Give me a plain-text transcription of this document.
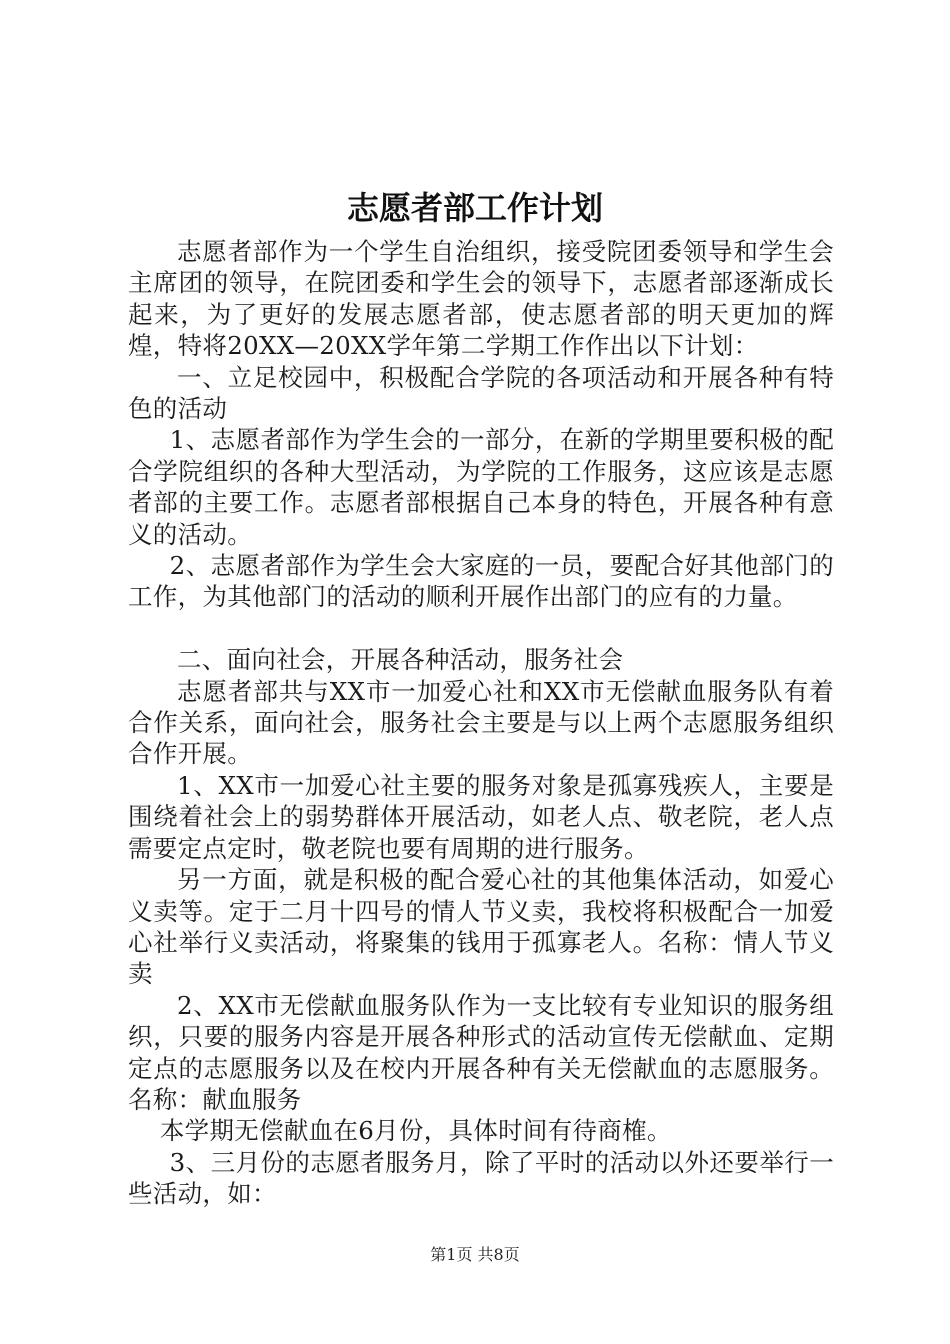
志愿者部工作计划

志愿者部作为一个学生自治组织，接受院团委领导和学生会主席团的领导，在院团委和学生会的领导下，志愿者部逐渐成长起来，为了更好的发展志愿者部，使志愿者部的明天更加的辉煌，特将20XX—20XX学年第二学期工作作出以下计划：

一、立足校园中，积极配合学院的各项活动和开展各种有特色的活动

1、志愿者部作为学生会的一部分，在新的学期里要积极的配合学院组织的各种大型活动，为学院的工作服务，这应该是志愿者部的主要工作。志愿者部根据自己本身的特色，开展各种有意义的活动。

2、志愿者部作为学生会大家庭的一员，要配合好其他部门的工作，为其他部门的活动的顺利开展作出部门的应有的力量。

二、面向社会，开展各种活动，服务社会

志愿者部共与XX市一加爱心社和XX市无偿献血服务队有着合作关系，面向社会，服务社会主要是与以上两个志愿服务组织合作开展。

1、XX市一加爱心社主要的服务对象是孤寡残疾人，主要是围绕着社会上的弱势群体开展活动，如老人点、敬老院，老人点需要定点定时，敬老院也要有周期的进行服务。

另一方面，就是积极的配合爱心社的其他集体活动，如爱心义卖等。定于二月十四号的情人节义卖，我校将积极配合一加爱心社举行义卖活动，将聚集的钱用于孤寡老人。名称：情人节义卖

2、XX市无偿献血服务队作为一支比较有专业知识的服务组织，只要的服务内容是开展各种形式的活动宣传无偿献血、定期定点的志愿服务以及在校内开展各种有关无偿献血的志愿服务。名称：献血服务

本学期无偿献血在6月份，具体时间有待商榷。

3、三月份的志愿者服务月，除了平时的活动以外还要举行一些活动，如：

第1页 共8页
